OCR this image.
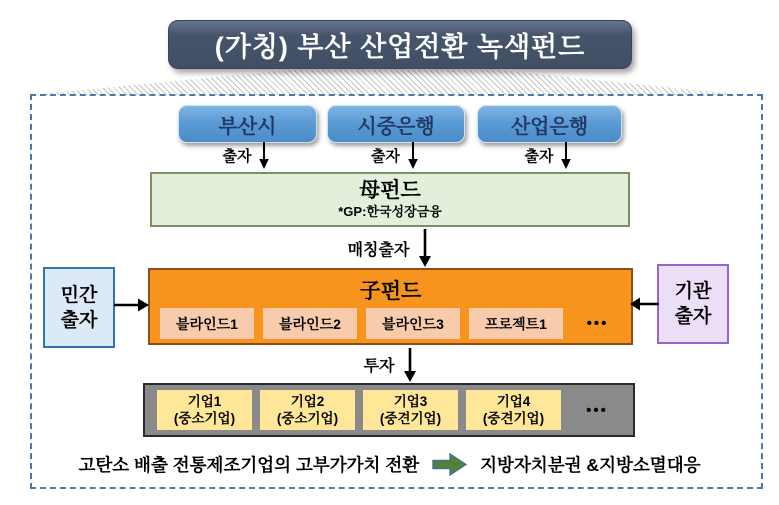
(가칭) 부산 산업전환 녹색펀드
부산시	시중은행	산업은행
출자	출자	출자
母펀드
*GP:한국성장금융
매칭출자
子펀드
블라인드1	블라인드2	블라인드3	프로젝트1	•••
민간
출자
기관
출자
투자
기업1
(중소기업)
기업2
(중소기업)
기업3
(중견기업)
기업4
(중견기업)	•••
고탄소 배출 전통제조기업의 고부가가치 전환	지방자치분권 &지방소멸대응
